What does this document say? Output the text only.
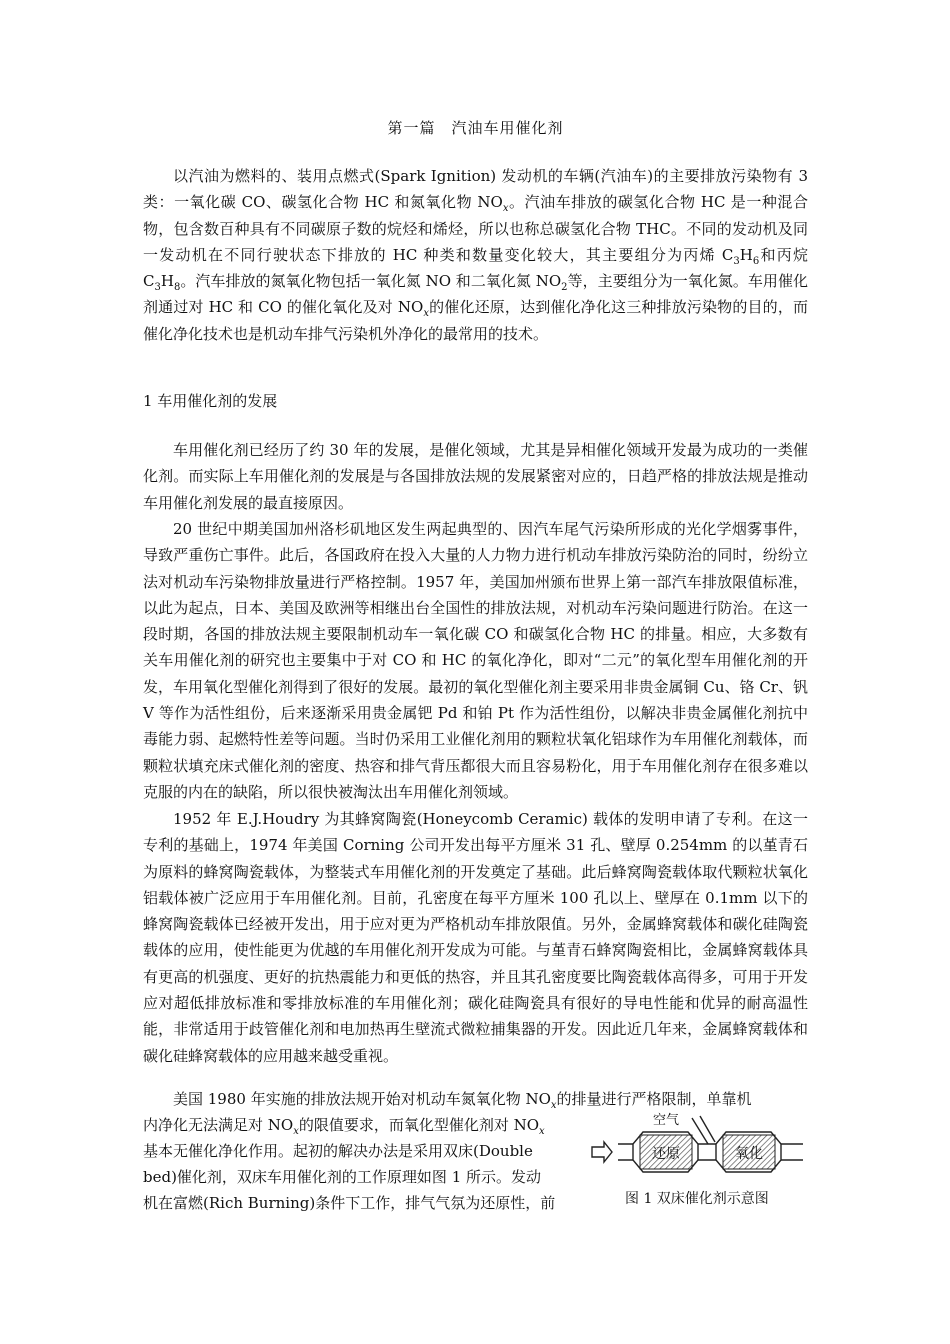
第一篇　汽油车用催化剂

以汽油为燃料的、装用点燃式(Spark Ignition) 发动机的车辆(汽油车)的主要排放污染物有 3 类：一氧化碳 CO、碳氢化合物 HC 和氮氧化物 $NO_x$。汽油车排放的碳氢化合物 HC 是一种混合物，包含数百种具有不同碳原子数的烷烃和烯烃，所以也称总碳氢化合物 THC。不同的发动机及同一发动机在不同行驶状态下排放的 HC 种类和数量变化较大，其主要组分为丙烯 $C_3H_6$和丙烷 $C_3H_8$。汽车排放的氮氧化物包括一氧化氮 NO 和二氧化氮 $NO_2$等，主要组分为一氧化氮。车用催化剂通过对 HC 和 CO 的催化氧化及对 $NO_x$的催化还原，达到催化净化这三种排放污染物的目的，而催化净化技术也是机动车排气污染机外净化的最常用的技术。

1 车用催化剂的发展

车用催化剂已经历了约 30 年的发展，是催化领域，尤其是异相催化领域开发最为成功的一类催化剂。而实际上车用催化剂的发展是与各国排放法规的发展紧密对应的，日趋严格的排放法规是推动车用催化剂发展的最直接原因。

20 世纪中期美国加州洛杉矶地区发生两起典型的、因汽车尾气污染所形成的光化学烟雾事件，导致严重伤亡事件。此后，各国政府在投入大量的人力物力进行机动车排放污染防治的同时，纷纷立法对机动车污染物排放量进行严格控制。1957 年，美国加州颁布世界上第一部汽车排放限值标准，以此为起点，日本、美国及欧洲等相继出台全国性的排放法规，对机动车污染问题进行防治。在这一段时期，各国的排放法规主要限制机动车一氧化碳 CO 和碳氢化合物 HC 的排量。相应，大多数有关车用催化剂的研究也主要集中于对 CO 和 HC 的氧化净化，即对“二元”的氧化型车用催化剂的开发，车用氧化型催化剂得到了很好的发展。最初的氧化型催化剂主要采用非贵金属铜 Cu、铬 Cr、钒 V 等作为活性组份，后来逐渐采用贵金属钯 Pd 和铂 Pt 作为活性组份，以解决非贵金属催化剂抗中毒能力弱、起燃特性差等问题。当时仍采用工业催化剂用的颗粒状氧化铝球作为车用催化剂载体，而颗粒状填充床式催化剂的密度、热容和排气背压都很大而且容易粉化，用于车用催化剂存在很多难以克服的内在的缺陷，所以很快被淘汰出车用催化剂领域。

1952 年 E.J.Houdry 为其蜂窝陶瓷(Honeycomb Ceramic) 载体的发明申请了专利。在这一专利的基础上，1974 年美国 Corning 公司开发出每平方厘米 31 孔、壁厚 0.254mm 的以堇青石为原料的蜂窝陶瓷载体，为整装式车用催化剂的开发奠定了基础。此后蜂窝陶瓷载体取代颗粒状氧化铝载体被广泛应用于车用催化剂。目前，孔密度在每平方厘米 100 孔以上、壁厚在 0.1mm 以下的蜂窝陶瓷载体已经被开发出，用于应对更为严格机动车排放限值。另外，金属蜂窝载体和碳化硅陶瓷载体的应用，使性能更为优越的车用催化剂开发成为可能。与堇青石蜂窝陶瓷相比，金属蜂窝载体具有更高的机强度、更好的抗热震能力和更低的热容，并且其孔密度要比陶瓷载体高得多，可用于开发应对超低排放标准和零排放标准的车用催化剂；碳化硅陶瓷具有很好的导电性能和优异的耐高温性能，非常适用于歧管催化剂和电加热再生壁流式微粒捕集器的开发。因此近几年来，金属蜂窝载体和碳化硅蜂窝载体的应用越来越受重视。

美国 1980 年实施的排放法规开始对机动车氮氧化物 $NO_x$的排量进行严格限制，单靠机

内净化无法满足对 $NO_x$的限值要求，而氧化型催化剂对 $NO_x$

基本无催化净化作用。起初的解决办法是采用双床(Double

bed)催化剂，双床车用催化剂的工作原理如图 1 所示。发动

机在富燃(Rich Burning)条件下工作，排气气氛为还原性，前

还原	氧化
空气
图 1 双床催化剂示意图
